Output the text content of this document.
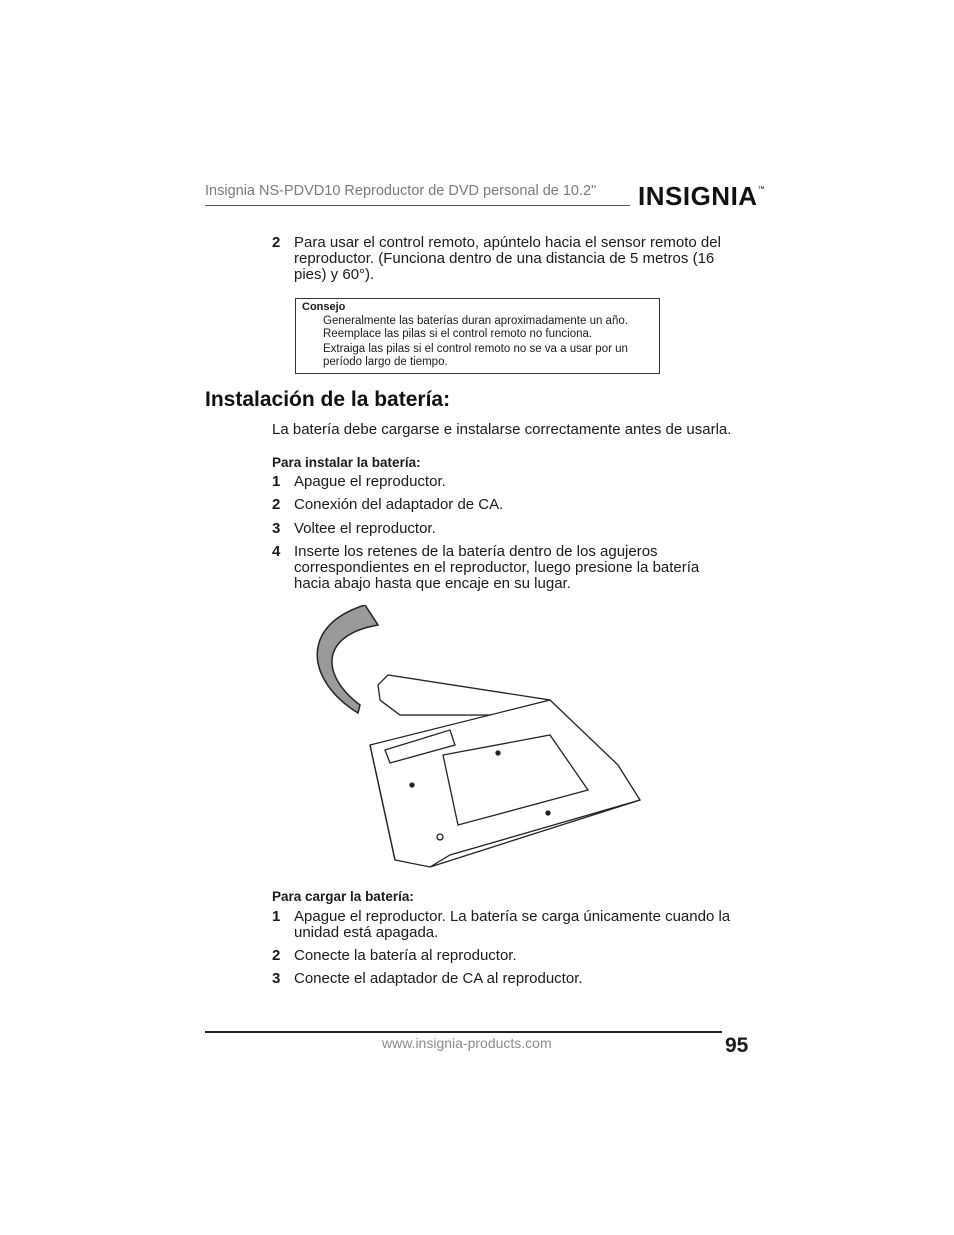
Insignia NS-PDVD10 Reproductor de DVD personal de 10.2" INSIGNIA™
2 Para usar el control remoto, apúntelo hacia el sensor remoto del reproductor. (Funciona dentro de una distancia de 5 metros (16 pies) y 60°).
Consejo
Generalmente las baterías duran aproximadamente un año.
Reemplace las pilas si el control remoto no funciona.
Extraiga las pilas si el control remoto no se va a usar por un
período largo de tiempo.
Instalación de la batería:
La batería debe cargarse e instalarse correctamente antes de usarla.
Para instalar la batería:
1 Apague el reproductor.
2 Conexión del adaptador de CA.
3 Voltee el reproductor.
4 Inserte los retenes de la batería dentro de los agujeros correspondientes en el reproductor, luego presione la batería hacia abajo hasta que encaje en su lugar.
Para cargar la batería:
1 Apague el reproductor. La batería se carga únicamente cuando la unidad está apagada.
2 Conecte la batería al reproductor.
3 Conecte el adaptador de CA al reproductor.
www.insignia-products.com	95
